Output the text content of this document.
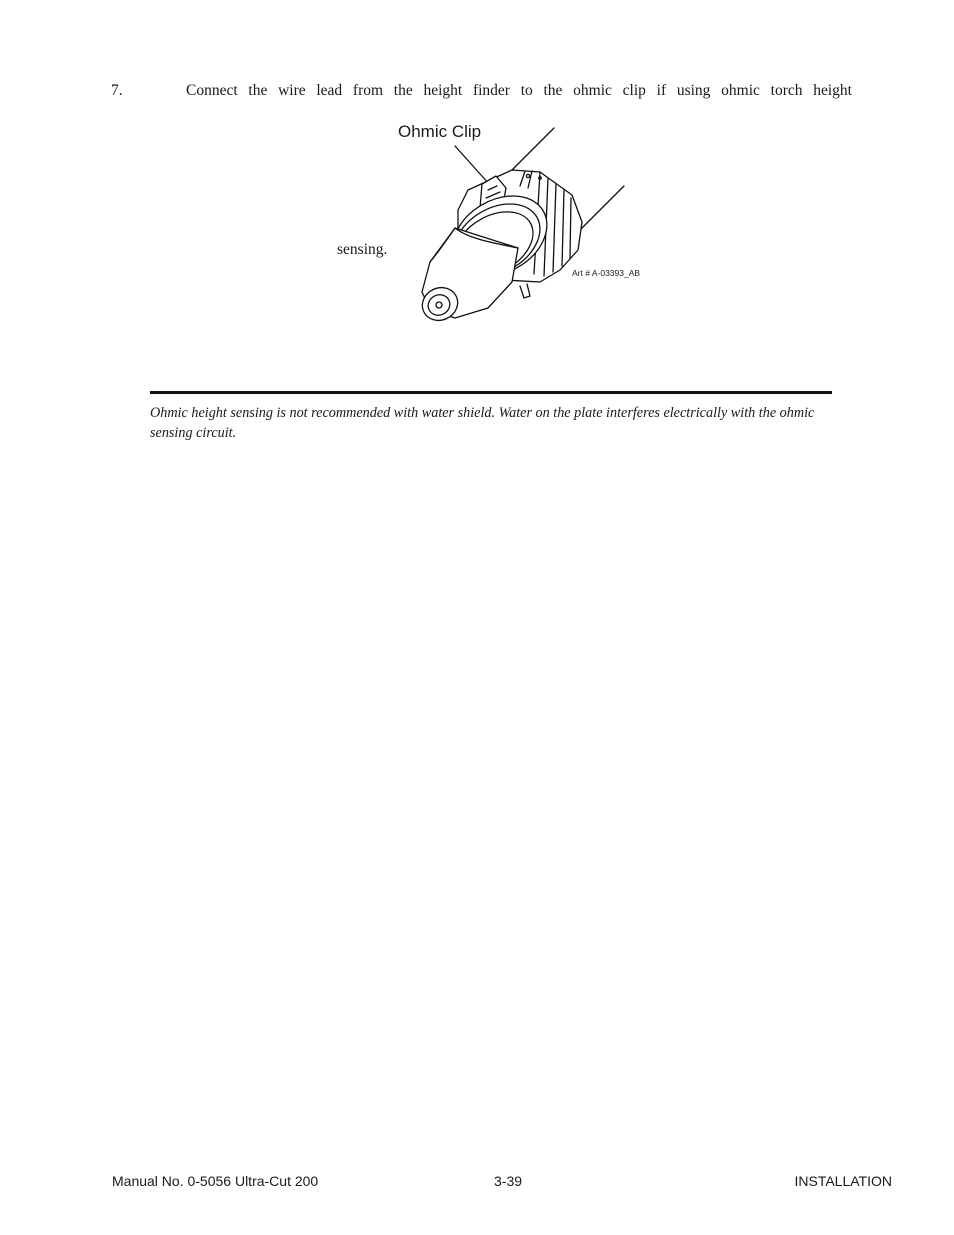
7.	Connect the wire lead from the height finder to the ohmic clip if using ohmic torch height
sensing.
Ohmic Clip
Art # A-03393_AB
Ohmic height sensing is not recommended with water shield. Water on the plate interferes electrically with the ohmic sensing circuit.
Manual No. 0-5056 Ultra-Cut 200	3-39	INSTALLATION
